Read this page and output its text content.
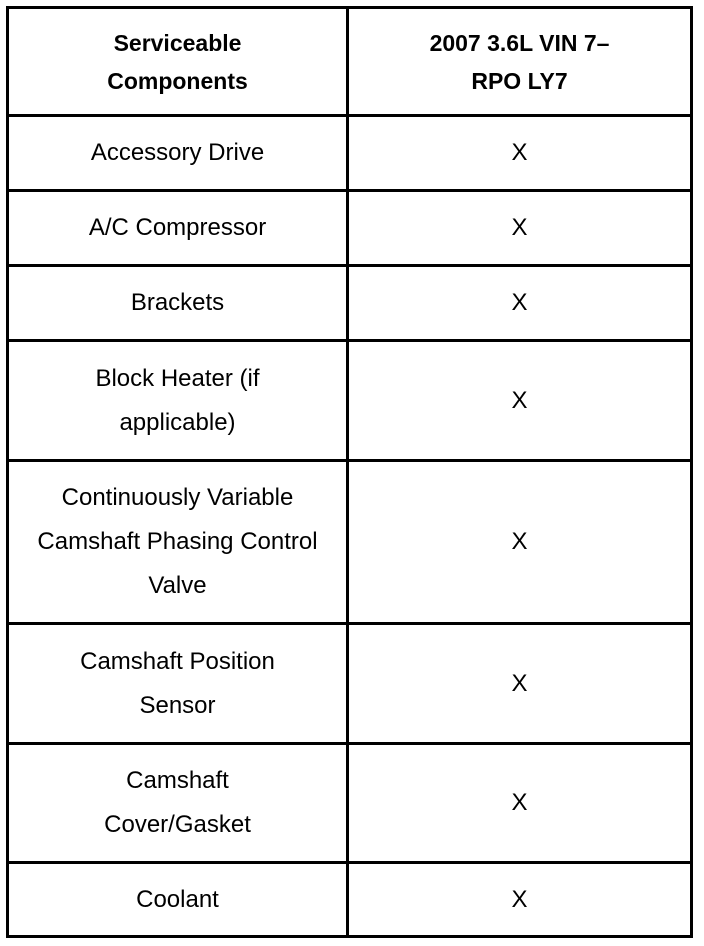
Serviceable Components	2007 3.6L VIN 7–RPO LY7
Accessory Drive	X
A/C Compressor	X
Brackets	X
Block Heater (if applicable)	X
Continuously Variable Camshaft Phasing Control Valve	X
Camshaft Position Sensor	X
Camshaft Cover/Gasket	X
Coolant	X
